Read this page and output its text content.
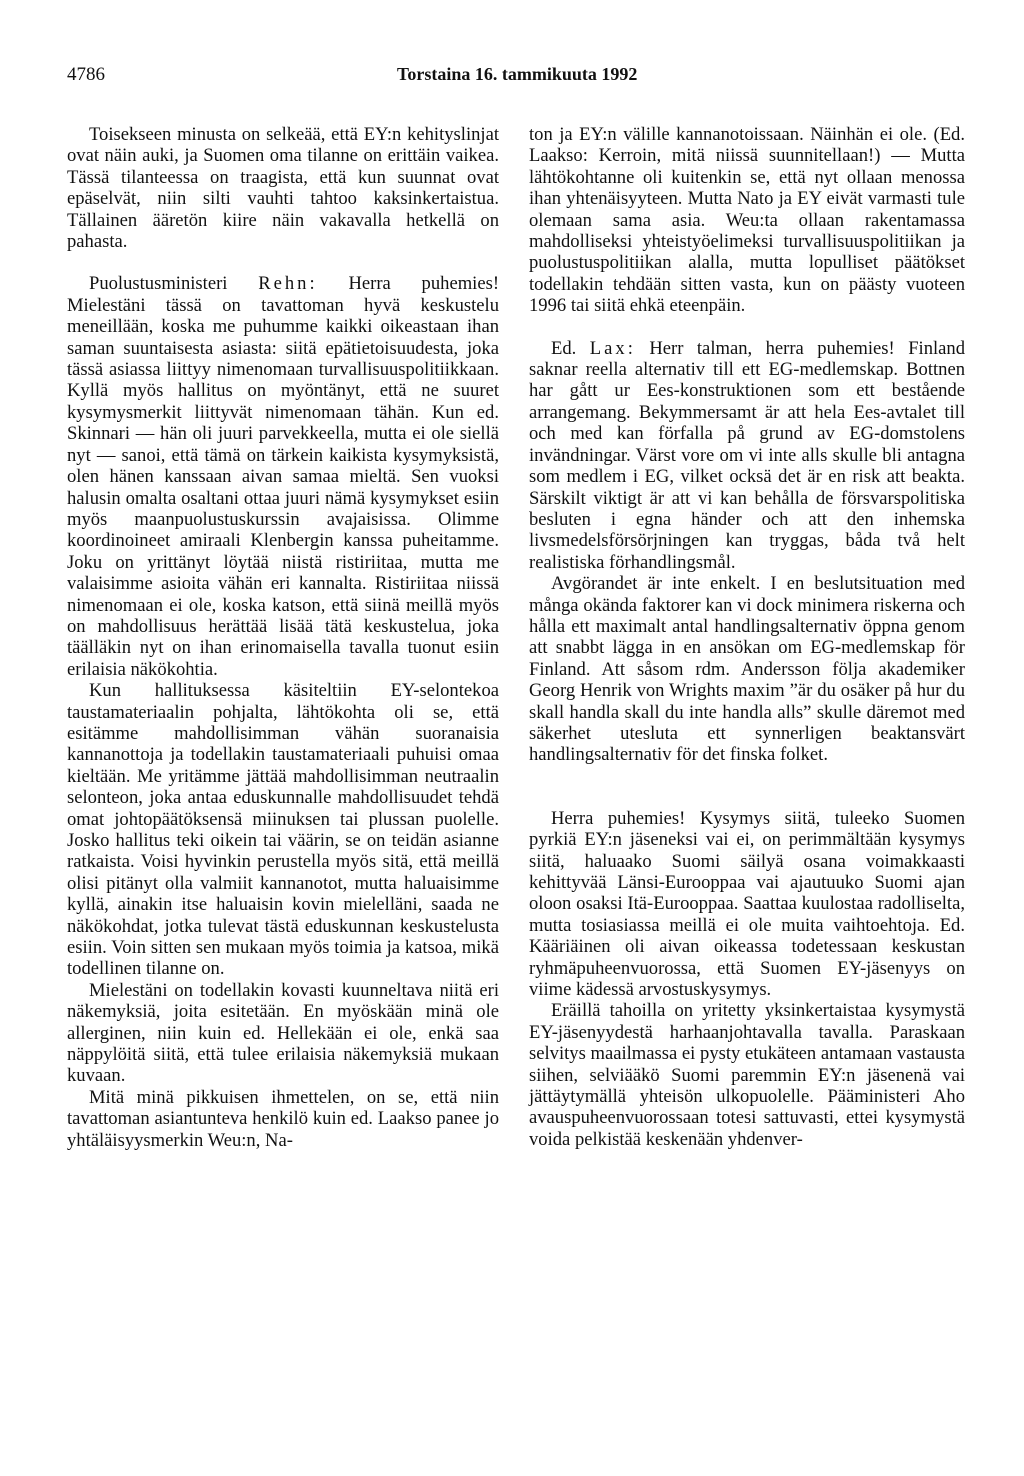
4786	Torstaina 16. tammikuuta 1992

Toisekseen minusta on selkeää, että EY:n kehityslinjat ovat näin auki, ja Suomen oma tilanne on erittäin vaikea. Tässä tilanteessa on traagista, että kun suunnat ovat epäselvät, niin silti vauhti tahtoo kaksinkertaistua. Tällainen ääretön kiire näin vakavalla hetkellä on pahasta.

Puolustusministeri Rehn: Herra puhemies! Mielestäni tässä on tavattoman hyvä keskustelu meneillään, koska me puhumme kaikki oikeastaan ihan saman suuntaisesta asiasta: siitä epätietoisuudesta, joka tässä asiassa liittyy nimenomaan turvallisuuspolitiikkaan. Kyllä myös hallitus on myöntänyt, että ne suuret kysymysmerkit liittyvät nimenomaan tähän. Kun ed. Skinnari — hän oli juuri parvekkeella, mutta ei ole siellä nyt — sanoi, että tämä on tärkein kaikista kysymyksistä, olen hänen kanssaan aivan samaa mieltä. Sen vuoksi halusin omalta osaltani ottaa juuri nämä kysymykset esiin myös maanpuolustuskurssin avajaisissa. Olimme koordinoineet amiraali Klenbergin kanssa puheitamme. Joku on yrittänyt löytää niistä ristiriitaa, mutta me valaisimme asioita vähän eri kannalta. Ristiriitaa niissä nimenomaan ei ole, koska katson, että siinä meillä myös on mahdollisuus herättää lisää tätä keskustelua, joka täälläkin nyt on ihan erinomaisella tavalla tuonut esiin erilaisia näkökohtia.

Kun hallituksessa käsiteltiin EY-selontekoa taustamateriaalin pohjalta, lähtökohta oli se, että esitämme mahdollisimman vähän suoranaisia kannanottoja ja todellakin taustamateriaali puhuisi omaa kieltään. Me yritämme jättää mahdollisimman neutraalin selonteon, joka antaa eduskunnalle mahdollisuudet tehdä omat johtopäätöksensä miinuksen tai plussan puolelle. Josko hallitus teki oikein tai väärin, se on teidän asianne ratkaista. Voisi hyvinkin perustella myös sitä, että meillä olisi pitänyt olla valmiit kannanotot, mutta haluaisimme kyllä, ainakin itse haluaisin kovin mielelläni, saada ne näkökohdat, jotka tulevat tästä eduskunnan keskustelusta esiin. Voin sitten sen mukaan myös toimia ja katsoa, mikä todellinen tilanne on.

Mielestäni on todellakin kovasti kuunneltava niitä eri näkemyksiä, joita esitetään. En myöskään minä ole allerginen, niin kuin ed. Hellekään ei ole, enkä saa näppylöitä siitä, että tulee erilaisia näkemyksiä mukaan kuvaan.

Mitä minä pikkuisen ihmettelen, on se, että niin tavattoman asiantunteva henkilö kuin ed. Laakso panee jo yhtäläisyysmerkin Weu:n, Na-

ton ja EY:n välille kannanotoissaan. Näinhän ei ole. (Ed. Laakso: Kerroin, mitä niissä suunnitellaan!) — Mutta lähtökohtanne oli kuitenkin se, että nyt ollaan menossa ihan yhtenäisyyteen. Mutta Nato ja EY eivät varmasti tule olemaan sama asia. Weu:ta ollaan rakentamassa mahdolliseksi yhteistyöelimeksi turvallisuuspolitiikan ja puolustuspolitiikan alalla, mutta lopulliset päätökset todellakin tehdään sitten vasta, kun on päästy vuoteen 1996 tai siitä ehkä eteenpäin.

Ed. Lax: Herr talman, herra puhemies! Finland saknar reella alternativ till ett EG-medlemskap. Bottnen har gått ur Ees-konstruktionen som ett bestående arrangemang. Bekymmersamt är att hela Ees-avtalet till och med kan förfalla på grund av EG-domstolens invändningar. Värst vore om vi inte alls skulle bli antagna som medlem i EG, vilket ocksä det är en risk att beakta. Särskilt viktigt är att vi kan behålla de försvarspolitiska besluten i egna händer och att den inhemska livsmedelsförsörjningen kan tryggas, båda två helt realistiska förhandlingsmål.

Avgörandet är inte enkelt. I en beslutsituation med många okända faktorer kan vi dock minimera riskerna och hålla ett maximalt antal handlingsalternativ öppna genom att snabbt lägga in en ansökan om EG-medlemskap för Finland. Att såsom rdm. Andersson följa akademiker Georg Henrik von Wrights maxim ”är du osäker på hur du skall handla skall du inte handla alls” skulle däremot med säkerhet utesluta ett synnerligen beaktansvärt handlingsalternativ för det finska folket.

Herra puhemies! Kysymys siitä, tuleeko Suomen pyrkiä EY:n jäseneksi vai ei, on perimmältään kysymys siitä, haluaako Suomi säilyä osana voimakkaasti kehittyvää Länsi-Eurooppaa vai ajautuuko Suomi ajan oloon osaksi Itä-Eurooppaa. Saattaa kuulostaa radolliselta, mutta tosiasiassa meillä ei ole muita vaihtoehtoja. Ed. Kääriäinen oli aivan oikeassa todetessaan keskustan ryhmäpuheenvuorossa, että Suomen EY-jäsenyys on viime kädessä arvostuskysymys.

Eräillä tahoilla on yritetty yksinkertaistaa kysymystä EY-jäsenyydestä harhaanjohtavalla tavalla. Paraskaan selvitys maailmassa ei pysty etukäteen antamaan vastausta siihen, selviääkö Suomi paremmin EY:n jäsenenä vai jättäytymällä yhteisön ulkopuolelle. Pääministeri Aho avauspuheenvuorossaan totesi sattuvasti, ettei kysymystä voida pelkistää keskenään yhdenver-
